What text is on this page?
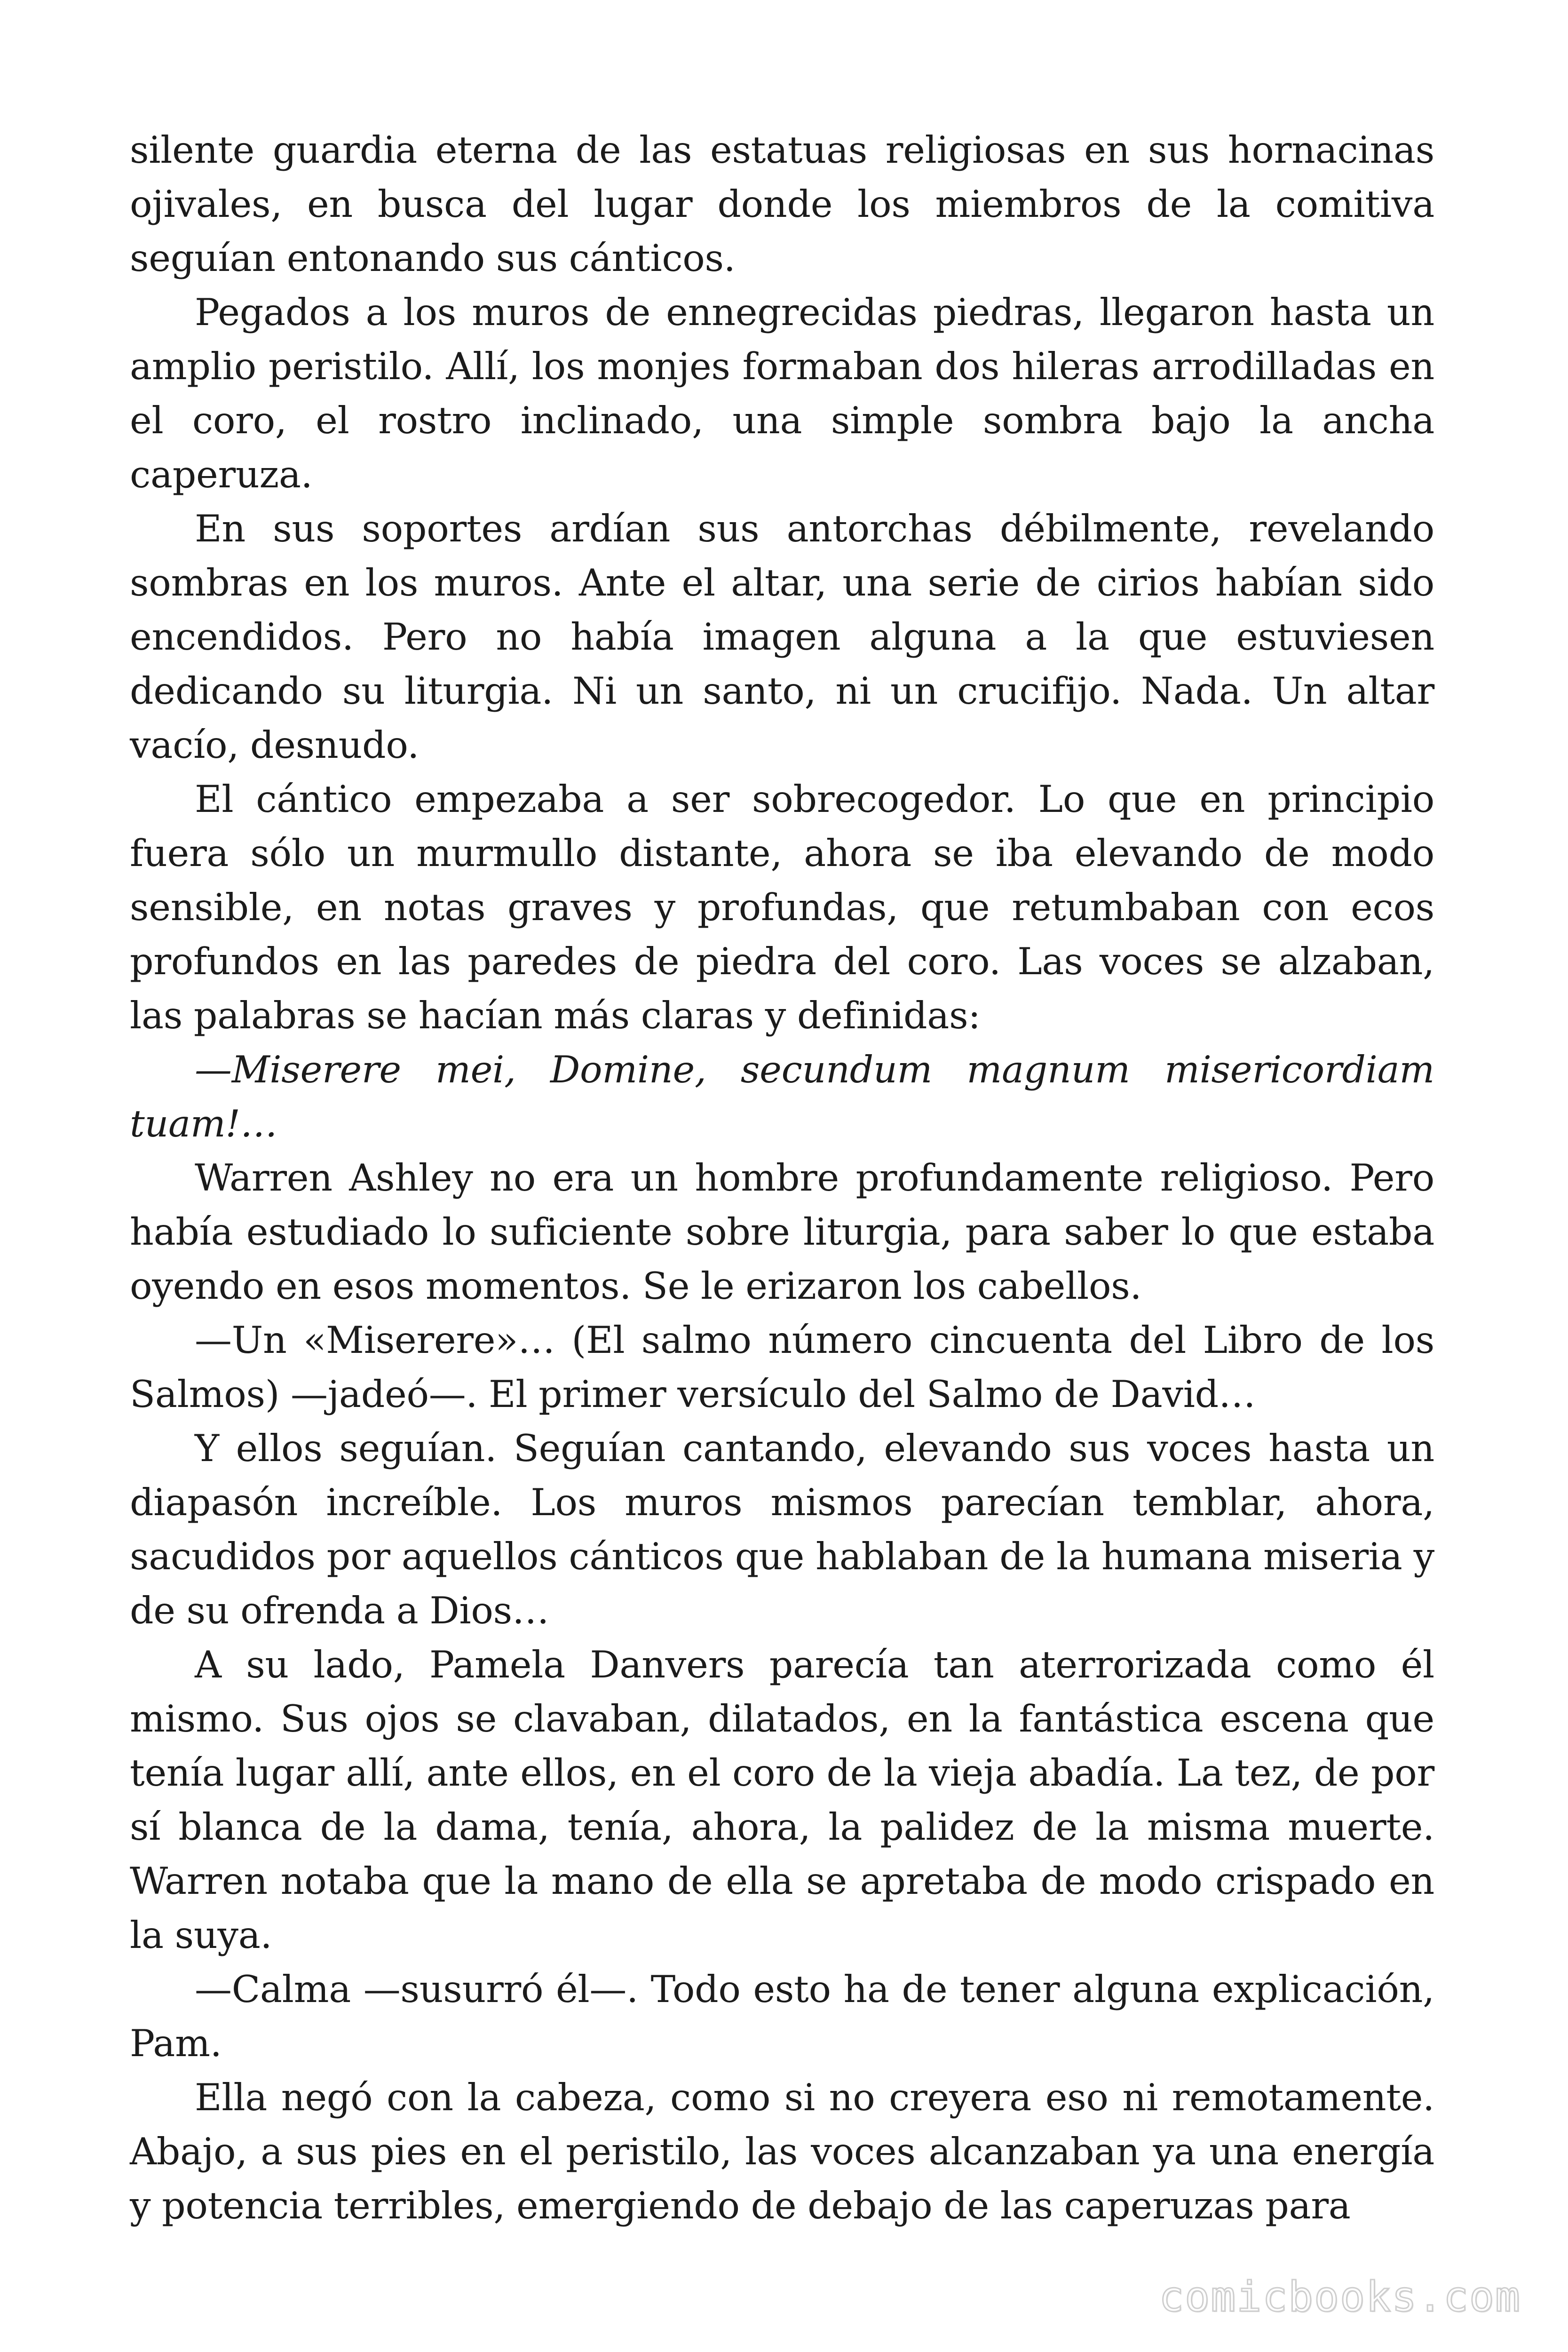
silente guardia eterna de las estatuas religiosas en sus hornacinas ojivales, en busca del lugar donde los miembros de la comitiva seguían entonando sus cánticos.

Pegados a los muros de ennegrecidas piedras, llegaron hasta un amplio peristilo. Allí, los monjes formaban dos hileras arrodilladas en el coro, el rostro inclinado, una simple sombra bajo la ancha caperuza.

En sus soportes ardían sus antorchas débilmente, revelando sombras en los muros. Ante el altar, una serie de cirios habían sido encendidos. Pero no había imagen alguna a la que estuviesen dedicando su liturgia. Ni un santo, ni un crucifijo. Nada. Un altar vacío, desnudo.

El cántico empezaba a ser sobrecogedor. Lo que en principio fuera sólo un murmullo distante, ahora se iba elevando de modo sensible, en notas graves y profundas, que retumbaban con ecos profundos en las paredes de piedra del coro. Las voces se alzaban, las palabras se hacían más claras y definidas:

—Miserere mei, Domine, secundum magnum misericordiam tuam!…

Warren Ashley no era un hombre profundamente religioso. Pero había estudiado lo suficiente sobre liturgia, para saber lo que estaba oyendo en esos momentos. Se le erizaron los cabellos.

—Un «Miserere»… (El salmo número cincuenta del Libro de los Salmos) —jadeó—. El primer versículo del Salmo de David…

Y ellos seguían. Seguían cantando, elevando sus voces hasta un diapasón increíble. Los muros mismos parecían temblar, ahora, sacudidos por aquellos cánticos que hablaban de la humana miseria y de su ofrenda a Dios…

A su lado, Pamela Danvers parecía tan aterrorizada como él mismo. Sus ojos se clavaban, dilatados, en la fantástica escena que tenía lugar allí, ante ellos, en el coro de la vieja abadía. La tez, de por sí blanca de la dama, tenía, ahora, la palidez de la misma muerte. Warren notaba que la mano de ella se apretaba de modo crispado en la suya.

—Calma —susurró él—. Todo esto ha de tener alguna explicación, Pam.

Ella negó con la cabeza, como si no creyera eso ni remotamente. Abajo, a sus pies en el peristilo, las voces alcanzaban ya una energía y potencia terribles, emergiendo de debajo de las caperuzas para

comicbooks.com
